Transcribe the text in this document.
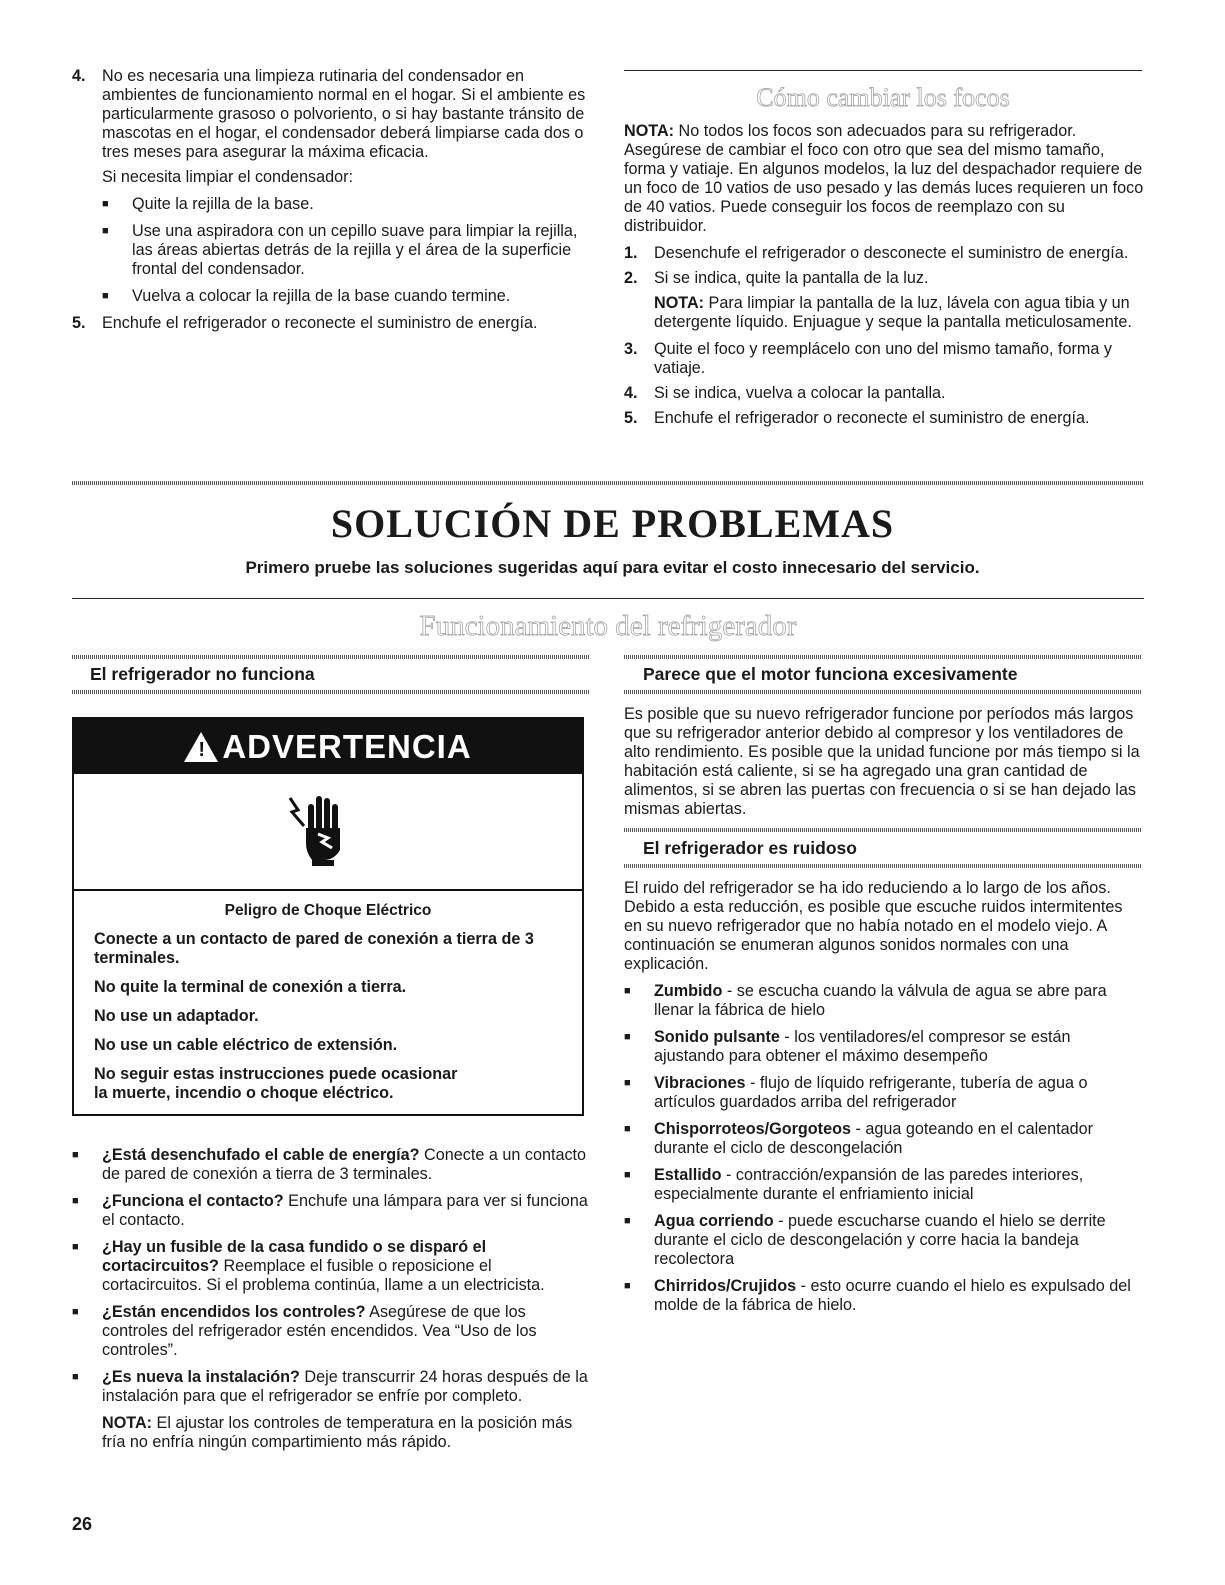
4.	No es necesaria una limpieza rutinaria del condensador en ambientes de funcionamiento normal en el hogar. Si el ambiente es particularmente grasoso o polvoriento, o si hay bastante tránsito de mascotas en el hogar, el condensador deberá limpiarse cada dos o tres meses para asegurar la máxima eficacia.

Si necesita limpiar el condensador:

■	Quite la rejilla de la base.
■	Use una aspiradora con un cepillo suave para limpiar la rejilla, las áreas abiertas detrás de la rejilla y el área de la superficie frontal del condensador.
■	Vuelva a colocar la rejilla de la base cuando termine.
5.	Enchufe el refrigerador o reconecte el suministro de energía.
Cómo cambiar los focos

NOTA: No todos los focos son adecuados para su refrigerador. Asegúrese de cambiar el foco con otro que sea del mismo tamaño, forma y vatiaje. En algunos modelos, la luz del despachador requiere de un foco de 10 vatios de uso pesado y las demás luces requieren un foco de 40 vatios. Puede conseguir los focos de reemplazo con su distribuidor.

1.	Desenchufe el refrigerador o desconecte el suministro de energía.
2.	Si se indica, quite la pantalla de la luz.

NOTA: Para limpiar la pantalla de la luz, lávela con agua tibia y un detergente líquido. Enjuague y seque la pantalla meticulosamente.

3.	Quite el foco y reemplácelo con uno del mismo tamaño, forma y vatiaje.
4.	Si se indica, vuelva a colocar la pantalla.
5.	Enchufe el refrigerador o reconecte el suministro de energía.
SOLUCIÓN DE PROBLEMAS
Primero pruebe las soluciones sugeridas aquí para evitar el costo innecesario del servicio.
Funcionamiento del refrigerador
El refrigerador no funciona
! ADVERTENCIA

Peligro de Choque Eléctrico

Conecte a un contacto de pared de conexión a tierra de 3 terminales.

No quite la terminal de conexión a tierra.

No use un adaptador.

No use un cable eléctrico de extensión.

No seguir estas instrucciones puede ocasionar
la muerte, incendio o choque eléctrico.

■	¿Está desenchufado el cable de energía? Conecte a un contacto de pared de conexión a tierra de 3 terminales.
■	¿Funciona el contacto? Enchufe una lámpara para ver si funciona el contacto.
■	¿Hay un fusible de la casa fundido o se disparó el cortacircuitos? Reemplace el fusible o reposicione el cortacircuitos. Si el problema continúa, llame a un electricista.
■	¿Están encendidos los controles? Asegúrese de que los controles del refrigerador estén encendidos. Vea “Uso de los controles”.
■	¿Es nueva la instalación? Deje transcurrir 24 horas después de la instalación para que el refrigerador se enfríe por completo.

NOTA: El ajustar los controles de temperatura en la posición más fría no enfría ningún compartimiento más rápido.

Parece que el motor funciona excesivamente

Es posible que su nuevo refrigerador funcione por períodos más largos que su refrigerador anterior debido al compresor y los ventiladores de alto rendimiento. Es posible que la unidad funcione por más tiempo si la habitación está caliente, si se ha agregado una gran cantidad de alimentos, si se abren las puertas con frecuencia o si se han dejado las mismas abiertas.

El refrigerador es ruidoso

El ruido del refrigerador se ha ido reduciendo a lo largo de los años. Debido a esta reducción, es posible que escuche ruidos intermitentes en su nuevo refrigerador que no había notado en el modelo viejo. A continuación se enumeran algunos sonidos normales con una explicación.

■	Zumbido - se escucha cuando la válvula de agua se abre para llenar la fábrica de hielo
■	Sonido pulsante - los ventiladores/el compresor se están ajustando para obtener el máximo desempeño
■	Vibraciones - flujo de líquido refrigerante, tubería de agua o artículos guardados arriba del refrigerador
■	Chisporroteos/Gorgoteos - agua goteando en el calentador durante el ciclo de descongelación
■	Estallido - contracción/expansión de las paredes interiores, especialmente durante el enfriamiento inicial
■	Agua corriendo - puede escucharse cuando el hielo se derrite durante el ciclo de descongelación y corre hacia la bandeja recolectora
■	Chirridos/Crujidos - esto ocurre cuando el hielo es expulsado del molde de la fábrica de hielo.
26
